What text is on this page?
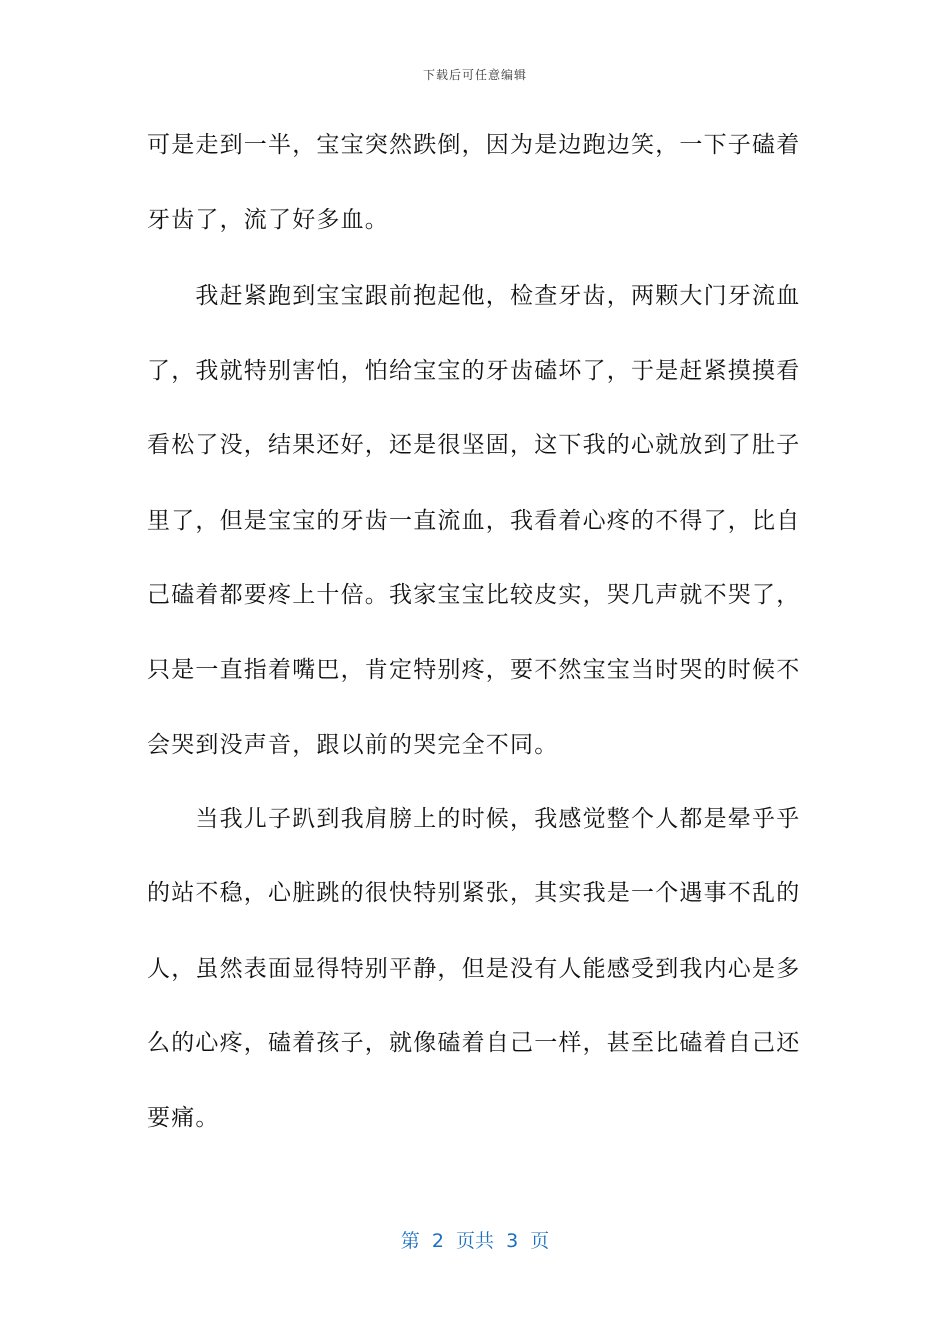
下载后可任意编辑
可是走到一半，宝宝突然跌倒，因为是边跑边笑，一下子磕着
牙齿了，流了好多血。
　　我赶紧跑到宝宝跟前抱起他，检查牙齿，两颗大门牙流血
了，我就特别害怕，怕给宝宝的牙齿磕坏了，于是赶紧摸摸看
看松了没，结果还好，还是很坚固，这下我的心就放到了肚子
里了，但是宝宝的牙齿一直流血，我看着心疼的不得了，比自
己磕着都要疼上十倍。我家宝宝比较皮实，哭几声就不哭了，
只是一直指着嘴巴，肯定特别疼，要不然宝宝当时哭的时候不
会哭到没声音，跟以前的哭完全不同。
　　当我儿子趴到我肩膀上的时候，我感觉整个人都是晕乎乎
的站不稳，心脏跳的很快特别紧张，其实我是一个遇事不乱的
人，虽然表面显得特别平静，但是没有人能感受到我内心是多
么的心疼，磕着孩子，就像磕着自己一样，甚至比磕着自己还
要痛。
第  2  页共  3  页
